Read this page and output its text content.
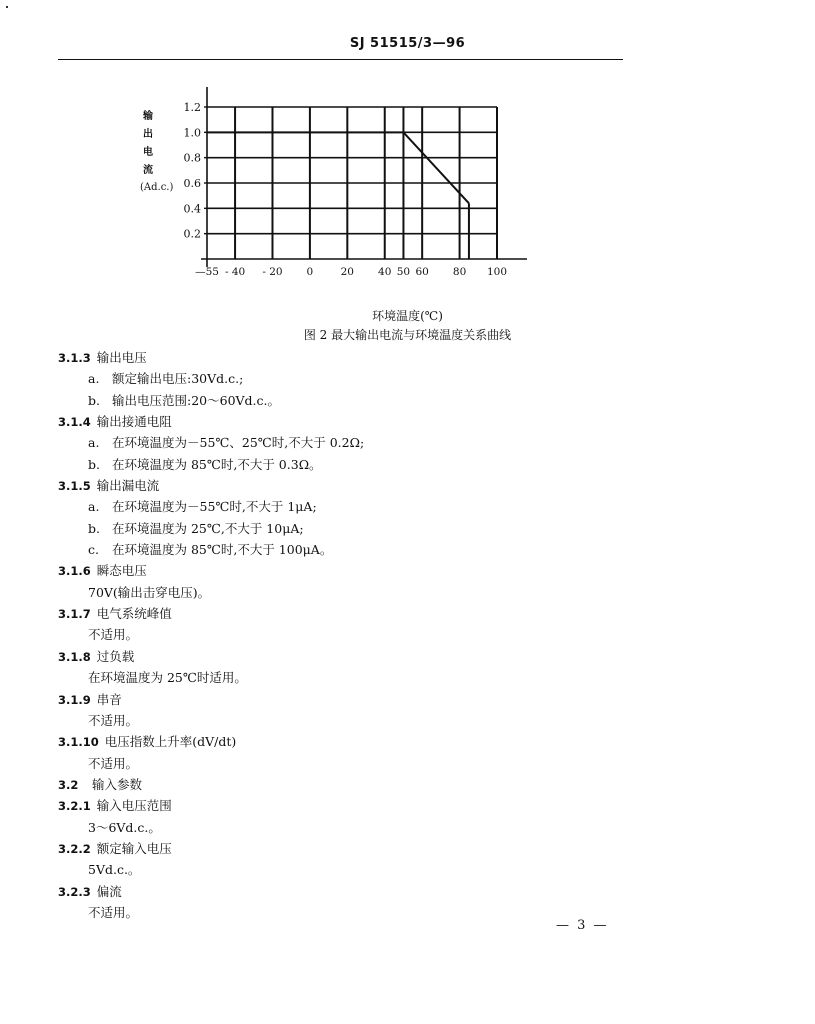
SJ 51515/3—96
1.2
1.0
0.8
0.6
0.4
0.2
—55 - 40 - 20 0	20 40 50 60 80 100
输
出
电
流
(Ad.c.)
环境温度(℃)
图 2 最大输出电流与环境温度关系曲线
3.1.3 输出电压
a. 额定输出电压:30Vd.c.;
b. 输出电压范围:20～60Vd.c.。
3.1.4 输出接通电阻
a. 在环境温度为－55℃、25℃时,不大于 0.2Ω;
b. 在环境温度为 85℃时,不大于 0.3Ω。
3.1.5 输出漏电流
a. 在环境温度为－55℃时,不大于 1μA;
b. 在环境温度为 25℃,不大于 10μA;
c. 在环境温度为 85℃时,不大于 100μA。
3.1.6 瞬态电压
70V(输出击穿电压)。
3.1.7 电气系统峰值
不适用。
3.1.8 过负载
在环境温度为 25℃时适用。
3.1.9 串音
不适用。
3.1.10 电压指数上升率(dV/dt)
不适用。
3.2 输入参数
3.2.1 输入电压范围
3～6Vd.c.。
3.2.2 额定输入电压
5Vd.c.。
3.2.3 偏流
不适用。
— 3 —
